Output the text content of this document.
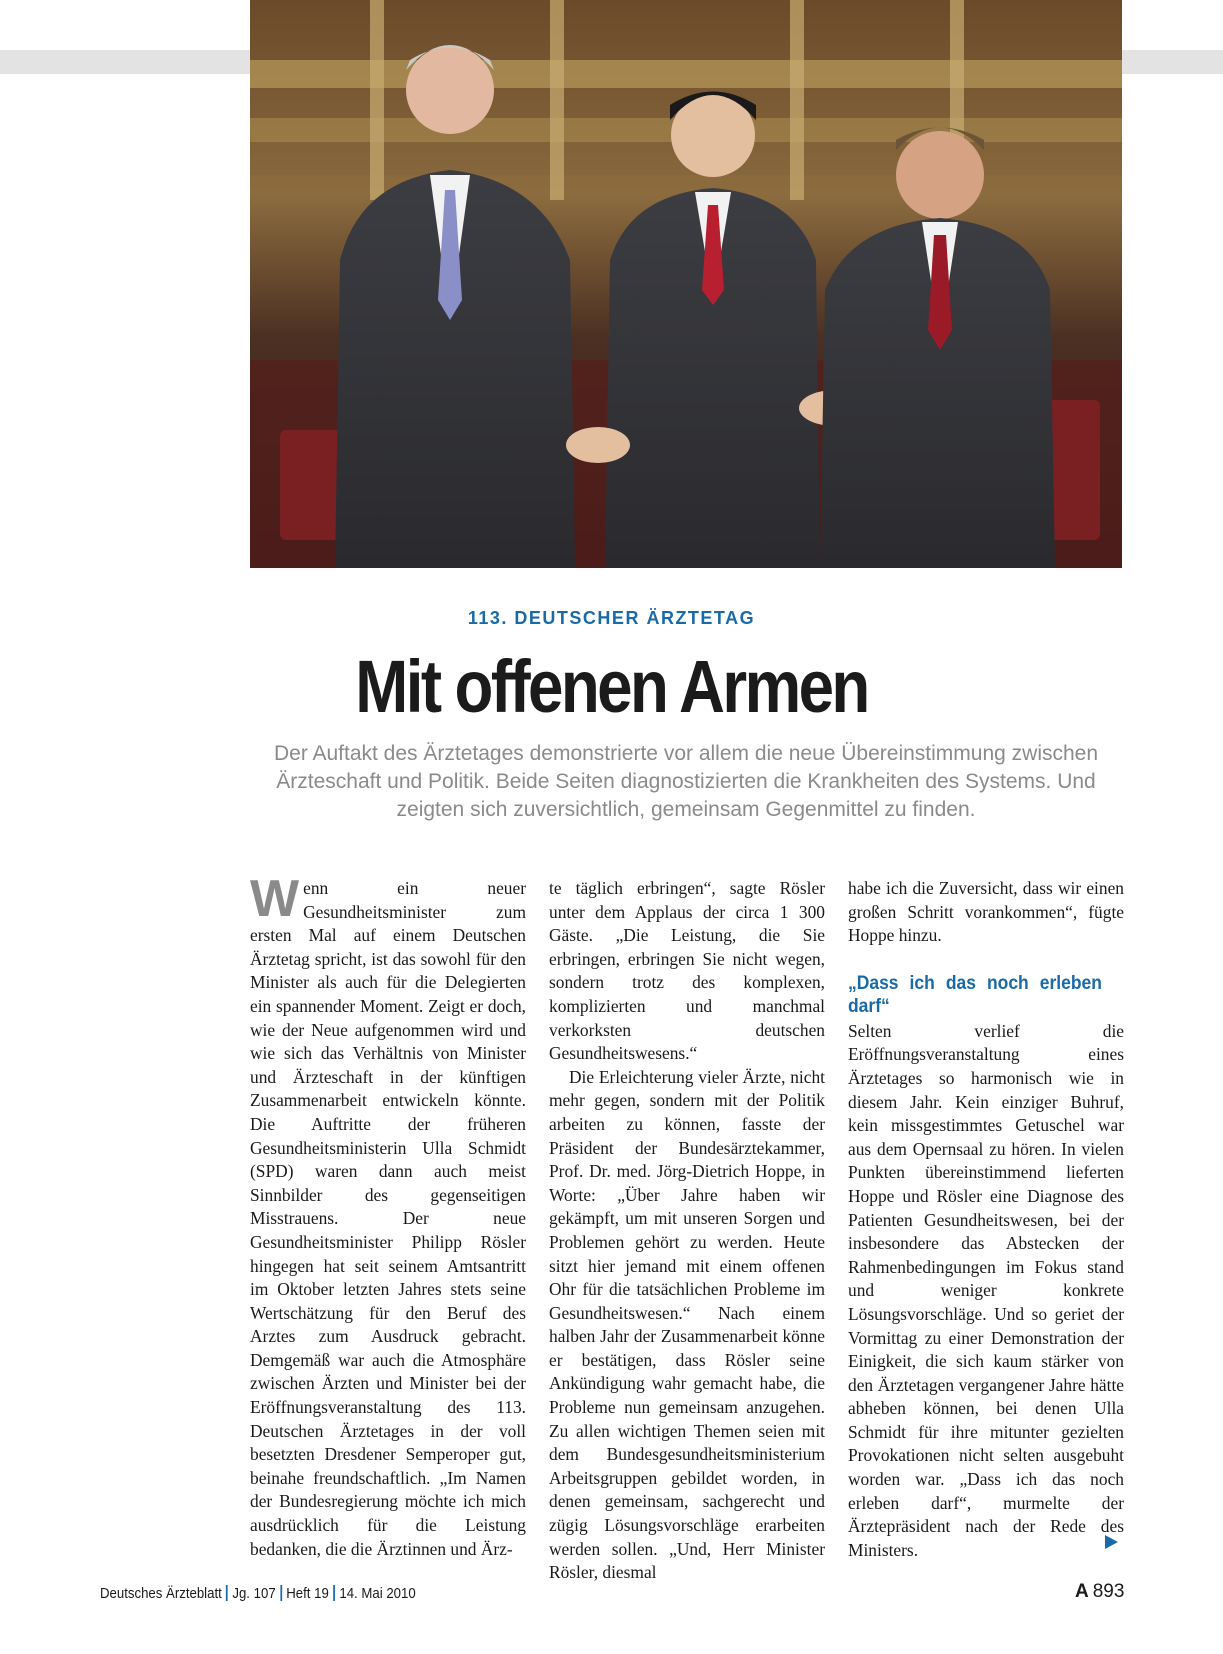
113. DEUTSCHER ÄRZTETAG
Mit offenen Armen
Der Auftakt des Ärztetages demonstrierte vor allem die neue Übereinstimmung zwischen Ärzteschaft und Politik. Beide Seiten diagnostizierten die Krankheiten des Systems. Und zeigten sich zuversichtlich, gemeinsam Gegenmittel zu finden.

Wenn ein neuer Gesundheitsminister zum ersten Mal auf einem Deutschen Ärztetag spricht, ist das sowohl für den Minister als auch für die Delegierten ein spannender Moment. Zeigt er doch, wie der Neue aufgenommen wird und wie sich das Verhältnis von Minister und Ärzteschaft in der künftigen Zusammenarbeit entwickeln könnte. Die Auftritte der früheren Gesundheitsministerin Ulla Schmidt (SPD) waren dann auch meist Sinnbilder des gegenseitigen Misstrauens. Der neue Gesundheitsminister Philipp Rösler hingegen hat seit seinem Amtsantritt im Oktober letzten Jahres stets seine Wertschätzung für den Beruf des Arztes zum Ausdruck gebracht. Demgemäß war auch die Atmosphäre zwischen Ärzten und Minister bei der Eröffnungsveranstaltung des 113. Deutschen Ärztetages in der voll besetzten Dresdener Semperoper gut, beinahe freundschaftlich. „Im Namen der Bundesregierung möchte ich mich ausdrücklich für die Leistung bedanken, die die Ärztinnen und Ärz-

te täglich erbringen“, sagte Rösler unter dem Applaus der circa 1 300 Gäste. „Die Leistung, die Sie erbringen, erbringen Sie nicht wegen, sondern trotz des komplexen, komplizierten und manchmal verkorksten deutschen Gesundheitswesens.“

Die Erleichterung vieler Ärzte, nicht mehr gegen, sondern mit der Politik arbeiten zu können, fasste der Präsident der Bundesärztekammer, Prof. Dr. med. Jörg-Dietrich Hoppe, in Worte: „Über Jahre haben wir gekämpft, um mit unseren Sorgen und Problemen gehört zu werden. Heute sitzt hier jemand mit einem offenen Ohr für die tatsächlichen Probleme im Gesundheitswesen.“ Nach einem halben Jahr der Zusammenarbeit könne er bestätigen, dass Rösler seine Ankündigung wahr gemacht habe, die Probleme nun gemeinsam anzugehen. Zu allen wichtigen Themen seien mit dem Bundesgesundheitsministerium Arbeitsgruppen gebildet worden, in denen gemeinsam, sachgerecht und zügig Lösungsvorschläge erarbeiten werden sollen. „Und, Herr Minister Rösler, diesmal

habe ich die Zuversicht, dass wir einen großen Schritt vorankommen“, fügte Hoppe hinzu.

„Dass ich das noch erleben darf“

Selten verlief die Eröffnungsveranstaltung eines Ärztetages so harmonisch wie in diesem Jahr. Kein einziger Buhruf, kein missgestimmtes Getuschel war aus dem Opernsaal zu hören. In vielen Punkten übereinstimmend lieferten Hoppe und Rösler eine Diagnose des Patienten Gesundheitswesen, bei der insbesondere das Abstecken der Rahmenbedingungen im Fokus stand und weniger konkrete Lösungsvorschläge. Und so geriet der Vormittag zu einer Demonstration der Einigkeit, die sich kaum stärker von den Ärztetagen vergangener Jahre hätte abheben können, bei denen Ulla Schmidt für ihre mitunter gezielten Provokationen nicht selten ausgebuht worden war. „Dass ich das noch erleben darf“, murmelte der Ärztepräsident nach der Rede des Ministers.

Deutsches Ärzteblatt Jg. 107 Heft 19 14. Mai 2010	A 893
